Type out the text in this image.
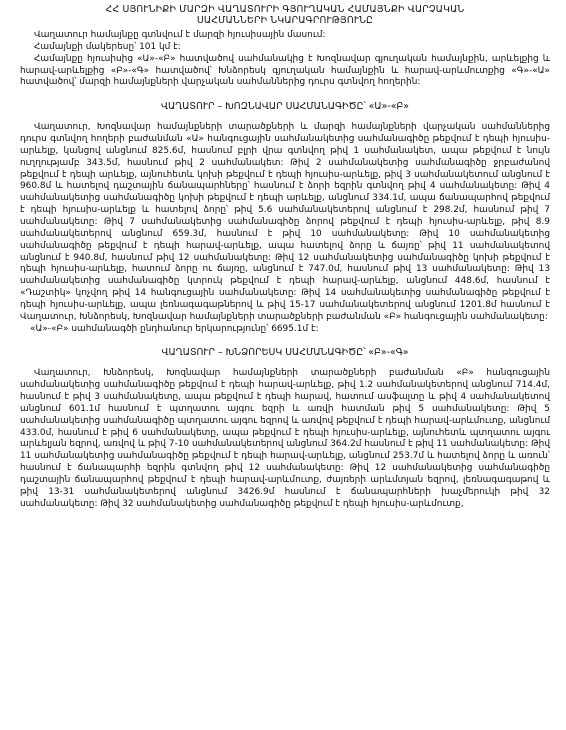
ՀՀ ՍՅՈՒՆԻՔԻ ՄԱՐԶԻ ՎԱՂԱՏՈՒՐԻ ԳՅՈՒՂԱԿԱՆ ՀԱՄԱՅՆՔԻ ՎԱՐՉԱԿԱՆ

ՍԱՀՄԱՆՆԵՐԻ ՆԿԱՐԱԳՐՈՒԹՅՈՒՆԸ

Վաղատուր համայնքը գտնվում է մարզի հյուսիսային մասում:

Համայնքի մակերեսը՝ 101 կմ է:

Համայնքը հյուսիսից «Ա»-«Բ» հատվածով սահմանակից է Խոզնավար գյուղական համայնքին, արևելքից և հարավ-արևելքից «Բ»-«Գ» հատվածով՝ Խնձորեսկ գյուղական համայնքին և հարավ-արևմուտքից «Գ»-«Ա» հատվածով՝ մարզի համայնքների վարչական սահմաններից դուրս գտնվող հողերին:

ՎԱՂԱՏՈՒՐ – ԽՈԶՆԱՎԱՐ ՍԱՀՄԱՆԱԳԻԾԸ՝ «Ա»-«Բ»

Վաղատուր, Խոզնավար համայնքների տարածքների և մարզի համայնքների վարչական սահմաններից դուրս գտնվող հողերի բաժանման «Ա» հանգուցային սահմանակետից սահմանագիծը թեքվում է դեպի հյուսիս-արևելք, կանցով անցնում 825.6մ, հասնում բլրի վրա գտնվող թիվ 1 սահմանակետ, ապա թեքվում է նույն ուղղությամբ 343.5մ, հասնում թիվ 2 սահմանակետ: Թիվ 2 սահմանակետից սահմանագիծը ջրբաժանով թեքվում է դեպի արևելք, այնուհետև կոխի թեքվում է դեպի հյուսիս-արևելք, թիվ 3 սահմանակետում անցնում է 960.8մ և հատելով դաշտային ճանապարհները՝ հասնում է ձորի եզրին գտնվող թիվ 4 սահմանակետը: Թիվ 4 սահմանակետից սահմանագիծը կոխի թեքվում է դեպի արևելք, անցնում 334.1մ, ապա ճանապարհով թեքվում է դեպի հյուսիս-արևելք և հատելով ձորը՝ թիվ 5.6 սահմանակետերով անցնում է 298.2մ, հասնում թիվ 7 սահմանակետը: Թիվ 7 սահմանակետից սահմանագիծը ձորով թեքվում է դեպի հյուսիս-արևելք, թիվ 8.9 սահմանակետերով անցնում 659.3մ, հասնում է թիվ 10 սահմանակետը: Թիվ 10 սահմանակետից սահմանագիծը թեքվում է դեպի հարավ-արևելք, ապա հատելով ձորը և ճայռը՝ թիվ 11 սահմանակետով անցնում է 940.8մ, հասնում թիվ 12 սահմանակետը: Թիվ 12 սահմանակետից սահմանագիծը կոխի թեքվում է դեպի հյուսիս-արևելք, հատում ձորը ու ճայռը, անցնում է 747.0մ, հասնում թիվ 13 սահմանակետը: Թիվ 13 սահմանակետից սահմանագիծը կտրուկ թեքվում է դեպի հարավ-արևելք, անցնում 448.6մ, հասնում է «Դաշտիկ» կոչվող թիվ 14 հանգուցային սահմանակետը: Թիվ 14 սահմանակետից սահմանագիծը թեքվում է դեպի հյուսիս-արևելք, ապա լեռնագագաթներով և թիվ 15-17 սահմանակետերով անցնում 1201.8մ հասնում է Վաղատուր, Խնձորեսկ, Խոզնավար համայնքների տարածքների բաժանման «Բ» հանգուցային սահմանակետը:

«Ա»-«Բ» սահմանագծի ընդհանուր երկարությունը՝ 6695.1մ է:

ՎԱՂԱՏՈՒՐ – ԽՆՁՈՐԵՍԿ ՍԱՀՄԱՆԱԳԻԾԸ՝ «Բ»-«Գ»

Վաղատուր, Խնձորեսկ, Խոզնավար համայնքների տարածքների բաժանման «Բ» հանգուցային սահմանակետից սահմանագիծը թեքվում է դեպի հարավ-արևելք, թիվ 1.2 սահմանակետերով անցնում 714.4մ, հասնում է թիվ 3 սահմանակետը, ապա թեքվում է դեպի հարավ, հատում ասֆալտը և թիվ 4 սահմանակետով անցնում 601.1մ հասնում է պտղատու այգու եզրի և առվի հատման թիվ 5 սահմանակետը: Թիվ 5 սահմանակետից սահմանագիծը պտղատու այգու եզրով և առվով թեքվում է դեպի հարավ-արևմուտք, անցնում 433.0մ, հասնում է թիվ 6 սահմանակետը, ապա թեքվում է դեպի հյուսիս-արևելք, այնուհետև պտղատու այգու արևելյան եզրով, առվով և թիվ 7-10 սահմանակետերով անցնում 364.2մ հասնում է թիվ 11 սահմանակետը: Թիվ 11 սահմանակետից սահմանագիծը թեքվում է դեպի հարավ-արևելք, անցնում 253.7մ և հատելով ձորը և առուն՝ հասնում է ճանապարհի եզրին գտնվող թիվ 12 սահմանակետը: Թիվ 12 սահմանակետից սահմանագիծը դաշտային ճանապարհով թեքվում է դեպի հարավ-արևմուտք, ժայռերի արևմտյան եզրով, լեռնագագաթով և թիվ 13-31 սահմանակետերով անցնում 3426.9մ հասնում է ճանապարհների խաչմերուկի թիվ 32 սահմանակետը: Թիվ 32 սահմանակետից սահմանագիծը թեքվում է դեպի հյուսիս-արևմուտք,
